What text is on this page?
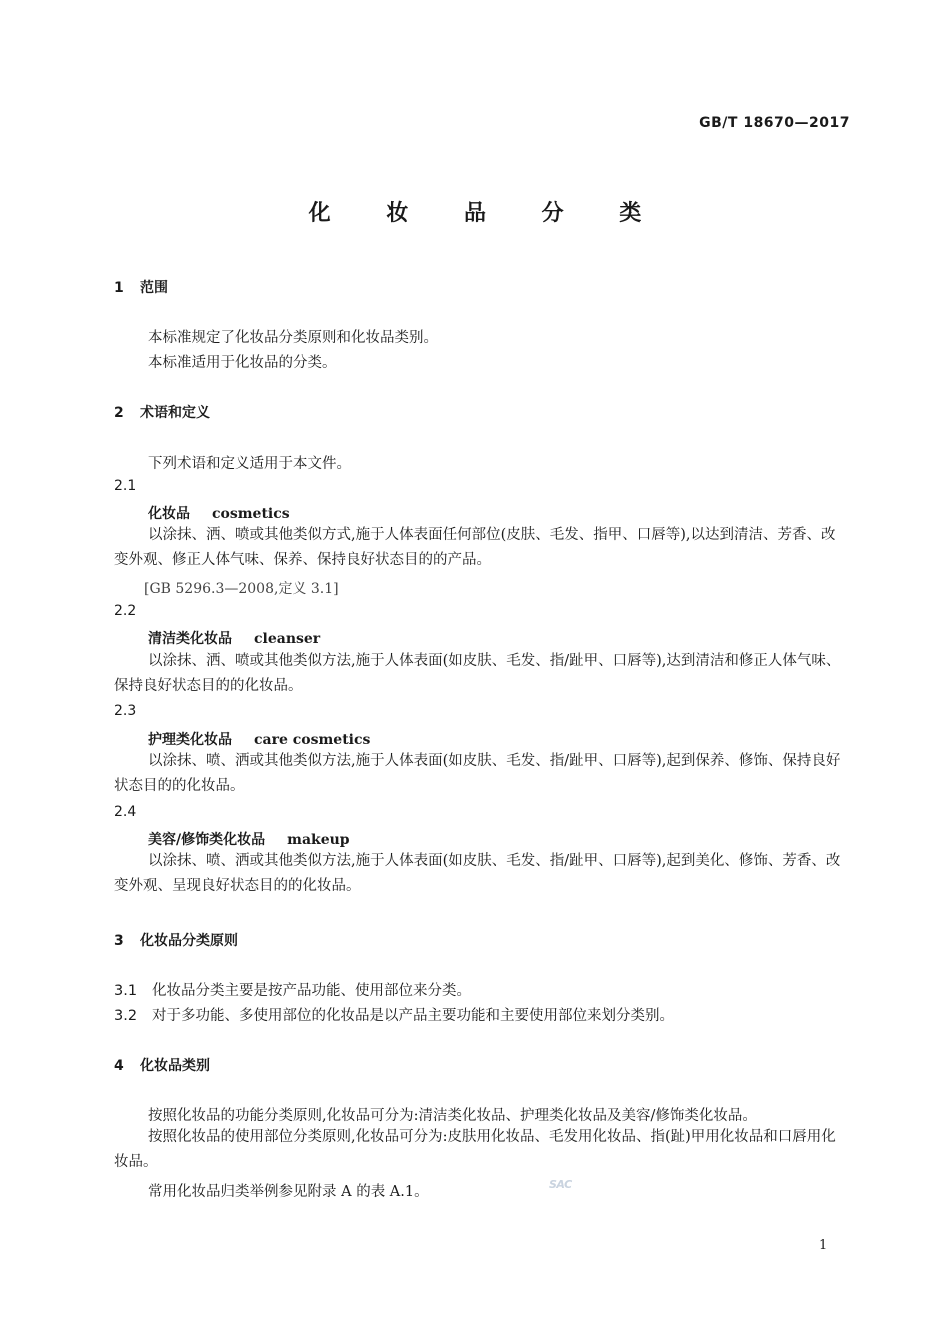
GB/T 18670—2017
化 妆 品 分 类
1 范围
本标准规定了化妆品分类原则和化妆品类别。
本标准适用于化妆品的分类。
2 术语和定义
下列术语和定义适用于本文件。
2.1
化妆品 cosmetics
以涂抹、洒、喷或其他类似方式,施于人体表面任何部位(皮肤、毛发、指甲、口唇等),以达到清洁、芳香、改变外观、修正人体气味、保养、保持良好状态目的的产品。
[GB 5296.3—2008,定义 3.1]
2.2
清洁类化妆品 cleanser
以涂抹、洒、喷或其他类似方法,施于人体表面(如皮肤、毛发、指/趾甲、口唇等),达到清洁和修正人体气味、保持良好状态目的的化妆品。
2.3
护理类化妆品 care cosmetics
以涂抹、喷、洒或其他类似方法,施于人体表面(如皮肤、毛发、指/趾甲、口唇等),起到保养、修饰、保持良好状态目的的化妆品。
2.4
美容/修饰类化妆品 makeup
以涂抹、喷、洒或其他类似方法,施于人体表面(如皮肤、毛发、指/趾甲、口唇等),起到美化、修饰、芳香、改变外观、呈现良好状态目的的化妆品。
3 化妆品分类原则
3.1 化妆品分类主要是按产品功能、使用部位来分类。
3.2 对于多功能、多使用部位的化妆品是以产品主要功能和主要使用部位来划分类别。
4 化妆品类别
按照化妆品的功能分类原则,化妆品可分为:清洁类化妆品、护理类化妆品及美容/修饰类化妆品。
按照化妆品的使用部位分类原则,化妆品可分为:皮肤用化妆品、毛发用化妆品、指(趾)甲用化妆品和口唇用化妆品。
常用化妆品归类举例参见附录 A 的表 A.1。	SAC
1
